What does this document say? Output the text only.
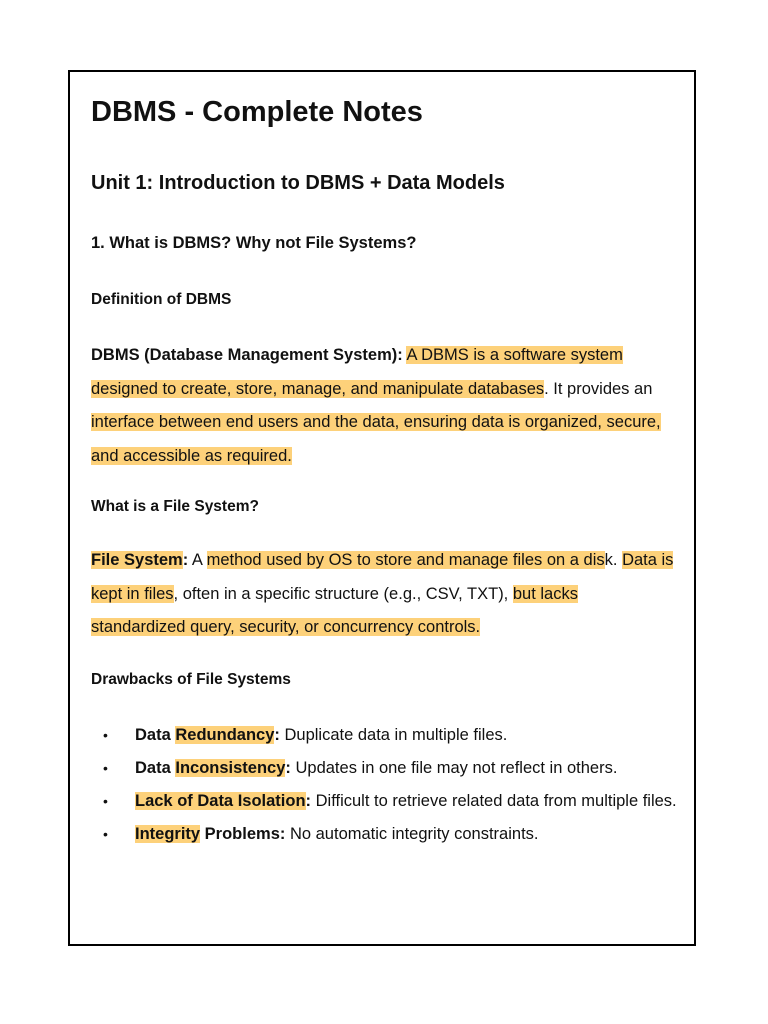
DBMS - Complete Notes
Unit 1: Introduction to DBMS + Data Models
1. What is DBMS? Why not File Systems?
Definition of DBMS

DBMS (Database Management System): A DBMS is a software system designed to create, store, manage, and manipulate databases. It provides an interface between end users and the data, ensuring data is organized, secure, and accessible as required.

What is a File System?

File System: A method used by OS to store and manage files on a disk. Data is kept in files, often in a specific structure (e.g., CSV, TXT), but lacks standardized query, security, or concurrency controls.

Drawbacks of File Systems
• Data Redundancy: Duplicate data in multiple files.
• Data Inconsistency: Updates in one file may not reflect in others.
• Lack of Data Isolation: Difficult to retrieve related data from multiple files.
• Integrity Problems: No automatic integrity constraints.
